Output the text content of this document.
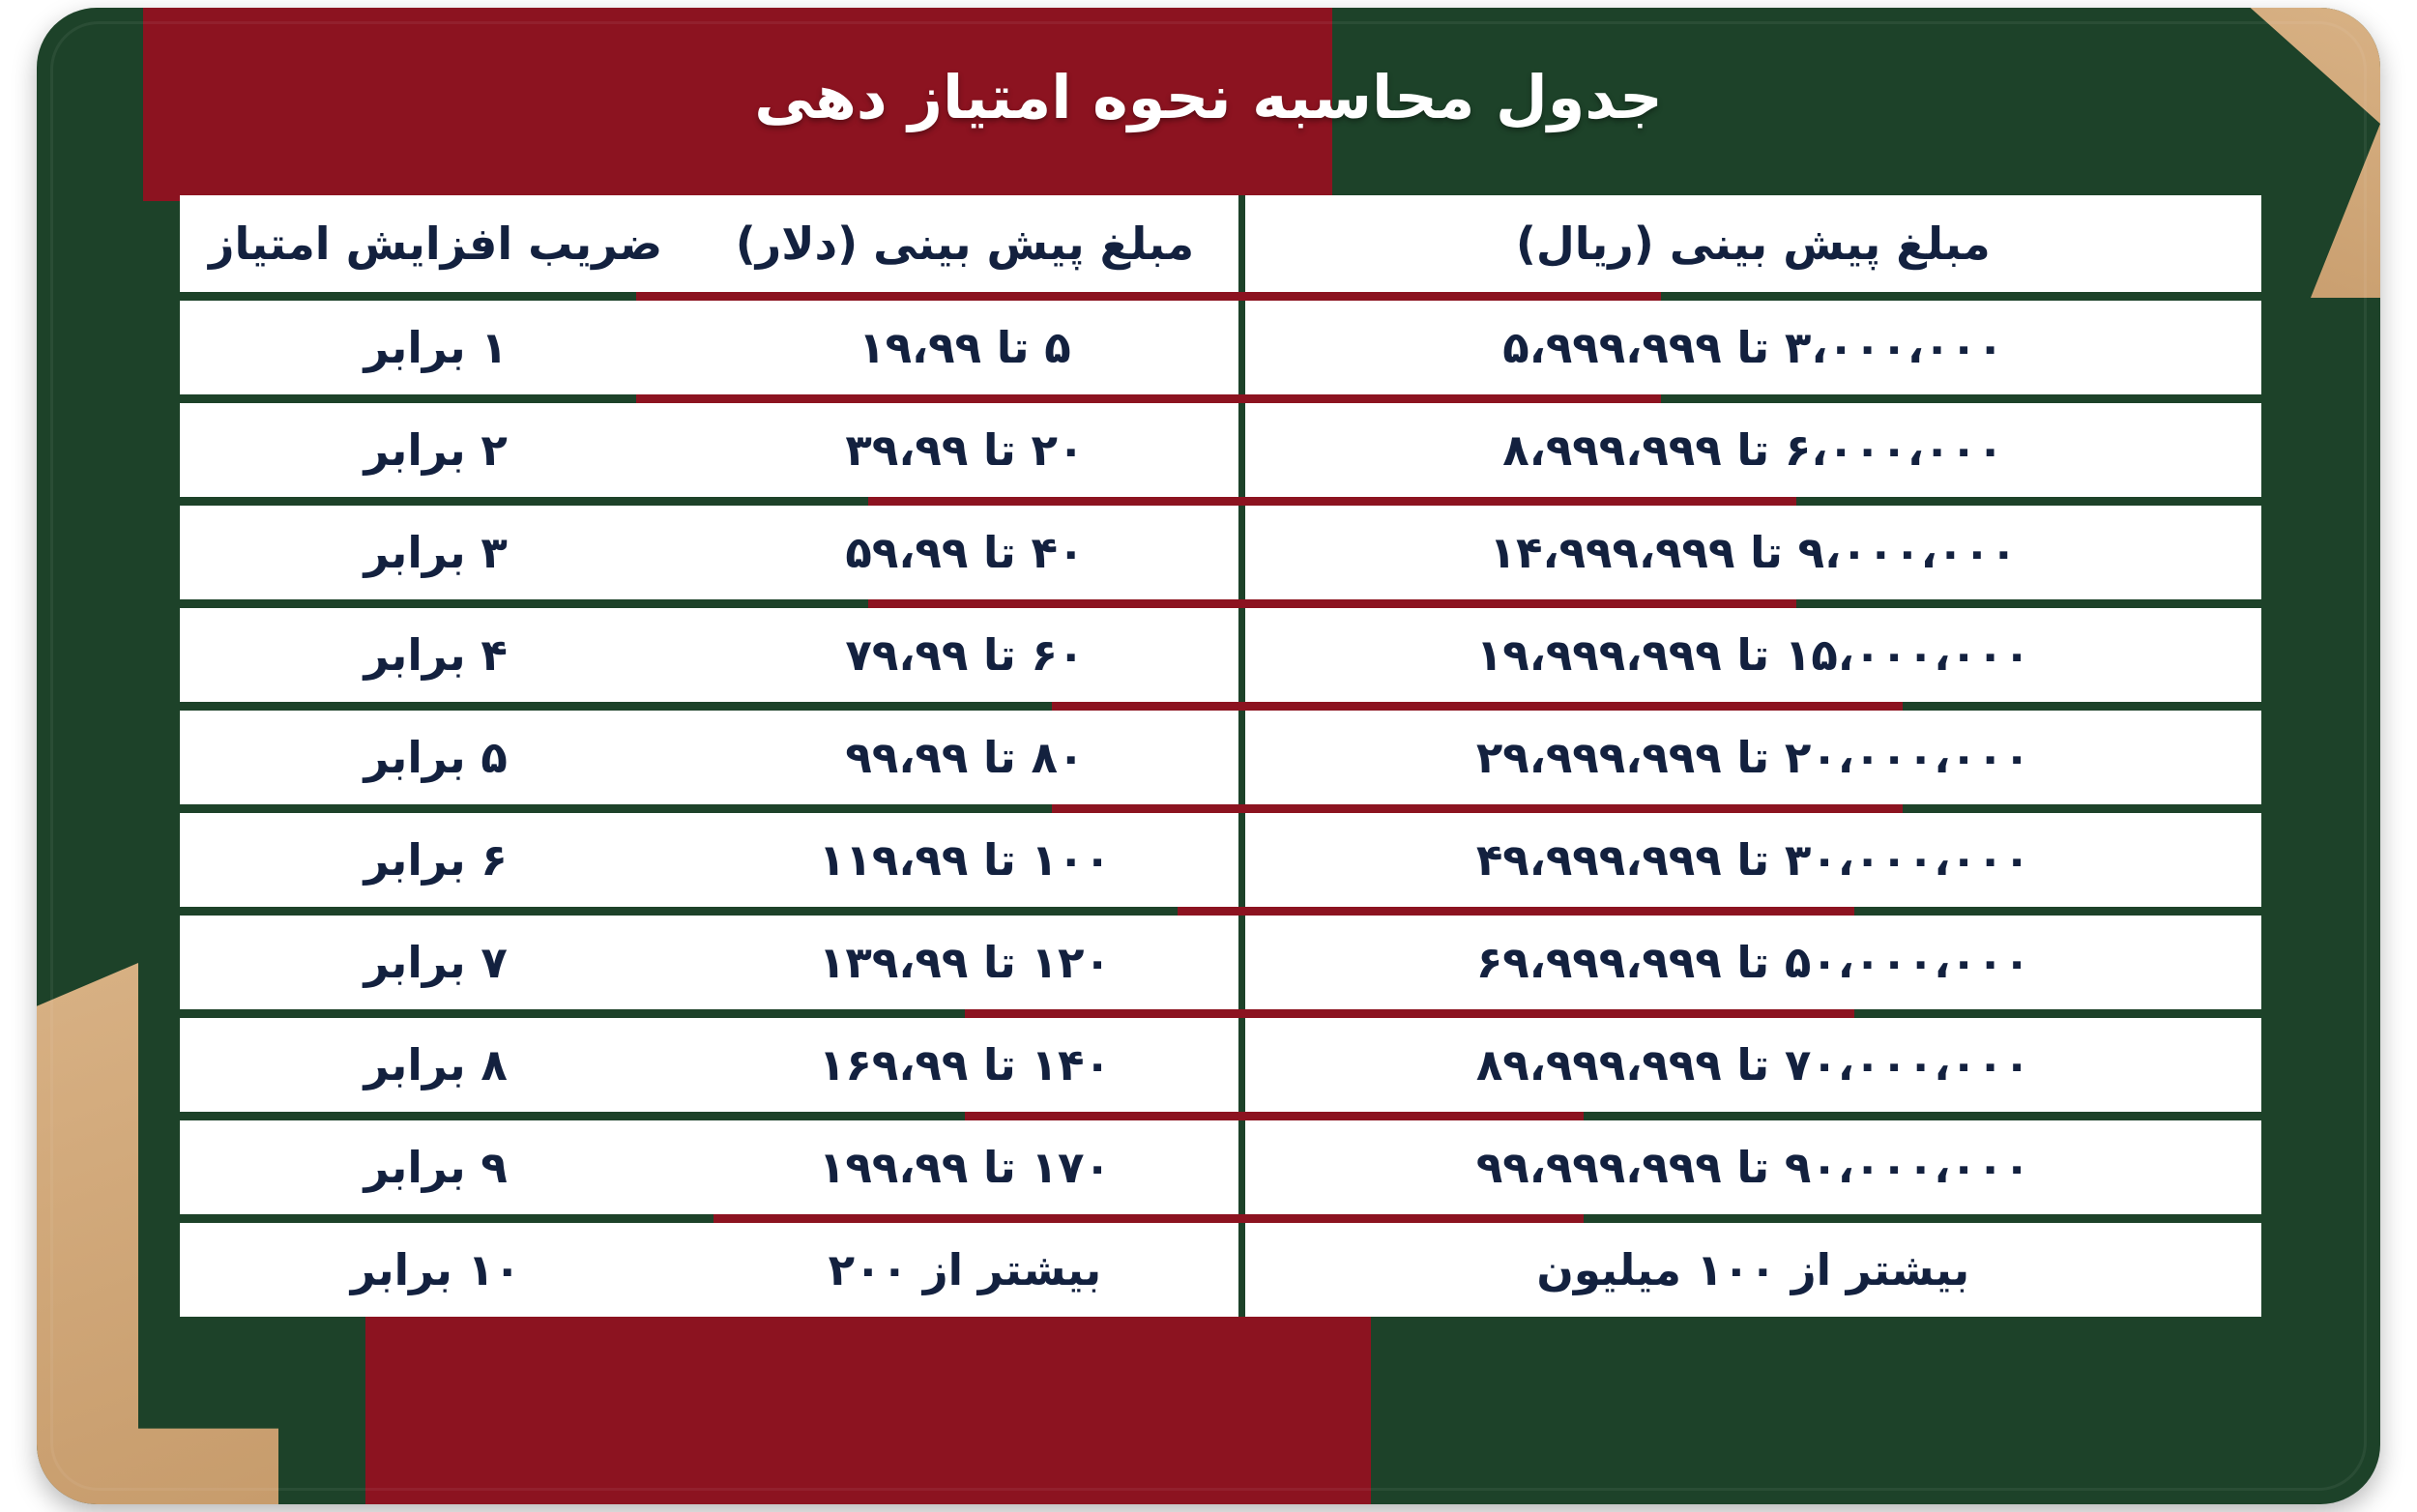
جدول محاسبه نحوه امتیاز دهی
مبلغ پیش بینی (ریال)	مبلغ پیش بینی (دلار)	ضریب افزایش امتیاز
۳،۰۰۰،۰۰۰ تا ۵،۹۹۹،۹۹۹	۵ تا ۱۹،۹۹	۱ برابر
۶،۰۰۰،۰۰۰ تا ۸،۹۹۹،۹۹۹	۲۰ تا ۳۹،۹۹	۲ برابر
۹،۰۰۰،۰۰۰ تا ۱۴،۹۹۹،۹۹۹	۴۰ تا ۵۹،۹۹	۳ برابر
۱۵،۰۰۰،۰۰۰ تا ۱۹،۹۹۹،۹۹۹	۶۰ تا ۷۹،۹۹	۴ برابر
۲۰،۰۰۰،۰۰۰ تا ۲۹،۹۹۹،۹۹۹	۸۰ تا ۹۹،۹۹	۵ برابر
۳۰،۰۰۰،۰۰۰ تا ۴۹،۹۹۹،۹۹۹	۱۰۰ تا ۱۱۹،۹۹	۶ برابر
۵۰،۰۰۰،۰۰۰ تا ۶۹،۹۹۹،۹۹۹	۱۲۰ تا ۱۳۹،۹۹	۷ برابر
۷۰،۰۰۰،۰۰۰ تا ۸۹،۹۹۹،۹۹۹	۱۴۰ تا ۱۶۹،۹۹	۸ برابر
۹۰،۰۰۰،۰۰۰ تا ۹۹،۹۹۹،۹۹۹	۱۷۰ تا ۱۹۹،۹۹	۹ برابر
بیشتر از ۱۰۰ میلیون	بیشتر از ۲۰۰	۱۰ برابر
